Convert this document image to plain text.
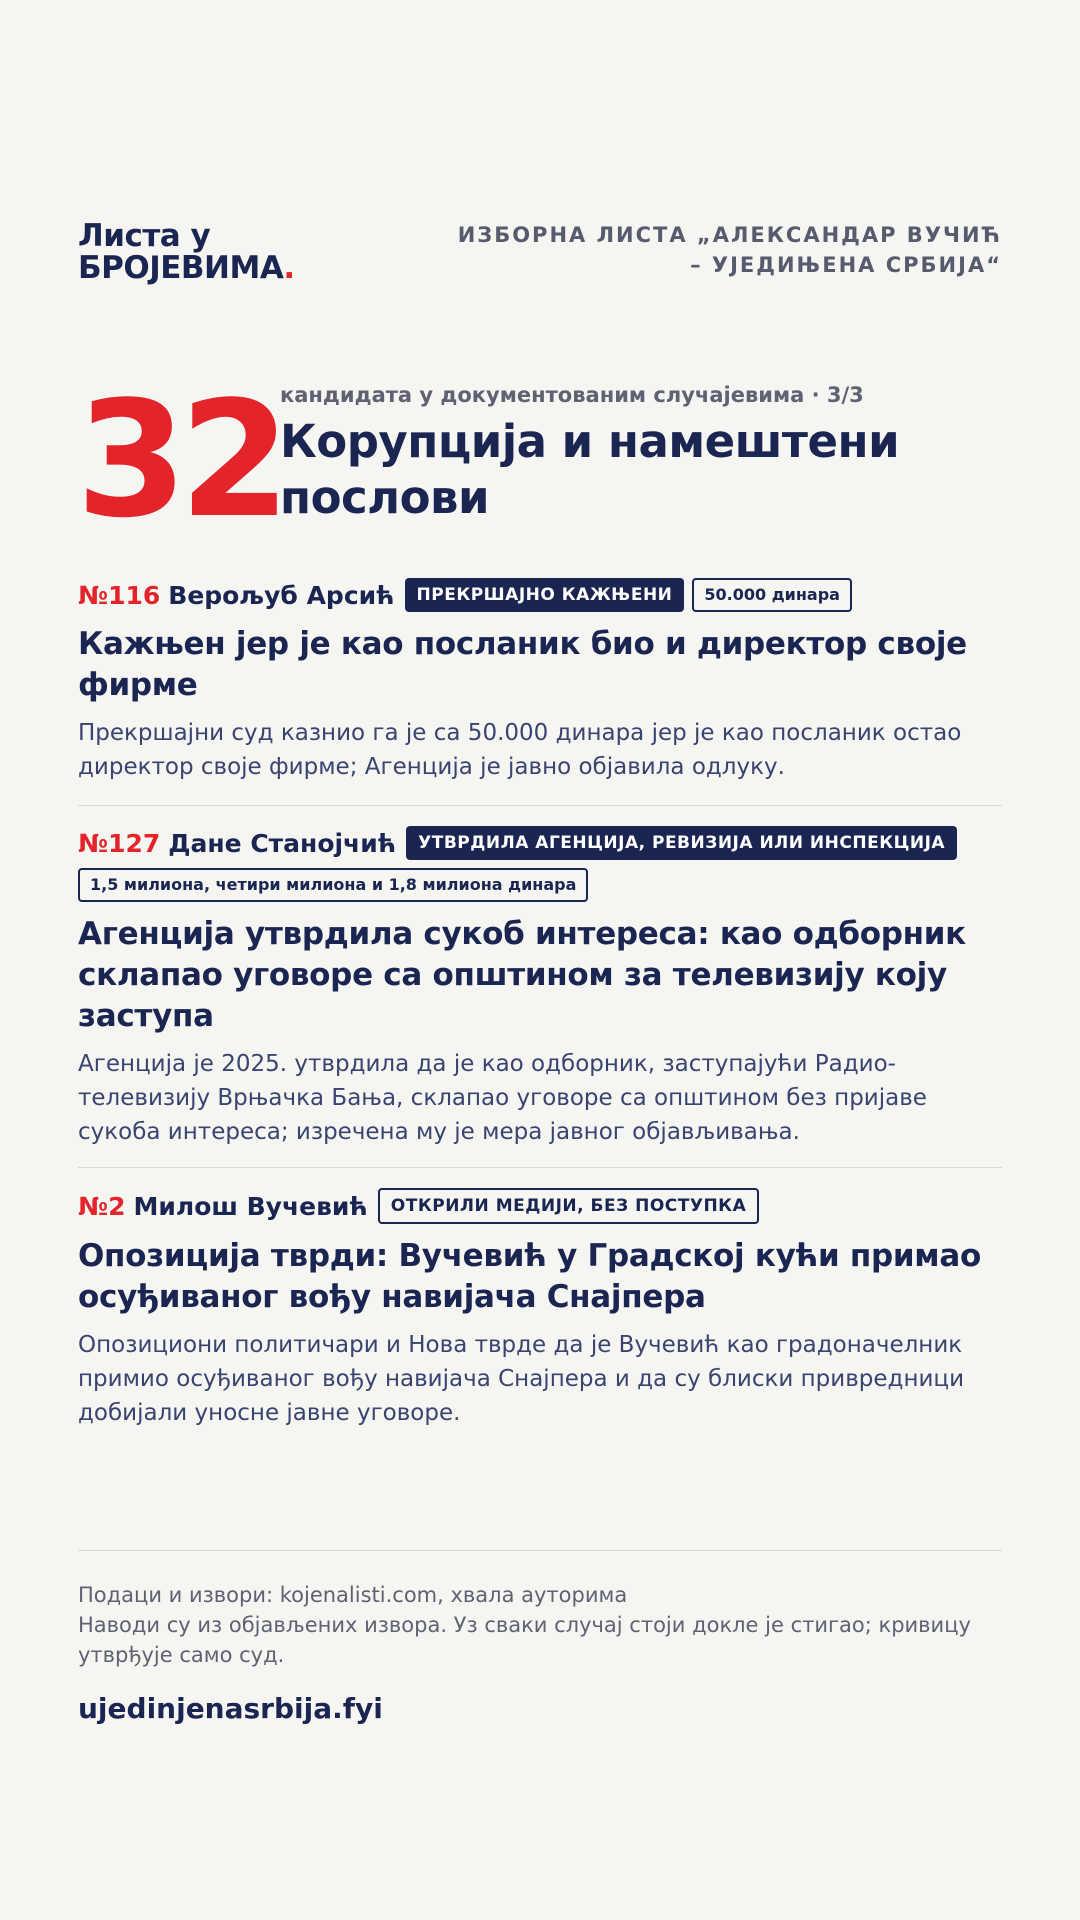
Листа у
БРОЈЕВИМА.
ИЗБОРНА ЛИСТА „АЛЕКСАНДАР ВУЧИЋ – УЈЕДИЊЕНА СРБИЈА“
32
кандидата у документованим случајевима · 3/3
Корупција и намештени послови
№116 Верољуб Арсић	ПРЕКРШАЈНО КАЖЊЕНИ	50.000 динара
Кажњен јер је као посланик био и директор своје фирме
Прекршајни суд казнио га је са 50.000 динара јер је као посланик остао директор своје фирме; Агенција је јавно објавила одлуку.
№127 Дане Станојчић	УТВРДИЛА АГЕНЦИЈА, РЕВИЗИЈА ИЛИ ИНСПЕКЦИЈА
1,5 милиона, четири милиона и 1,8 милиона динара
Агенција утврдила сукоб интереса: као одборник склапао уговоре са општином за телевизију коју заступа
Агенција је 2025. утврдила да је као одборник, заступајући Радио-телевизију Врњачка Бања, склапао уговоре са општином без пријаве сукоба интереса; изречена му је мера јавног објављивања.
№2 Милош Вучевић	ОТКРИЛИ МЕДИЈИ, БЕЗ ПОСТУПКА
Опозиција тврди: Вучевић у Градској кући примао осуђиваног вођу навијача Снајпера
Опозициони политичари и Нова тврде да је Вучевић као градоначелник примио осуђиваног вођу навијача Снајпера и да су блиски привредници добијали уносне јавне уговоре.
Подаци и извори: kojenalisti.com, хвала ауторима
Наводи су из објављених извора. Уз сваки случај стоји докле је стигао; кривицу утврђује само суд.
ujedinjenasrbija.fyi
